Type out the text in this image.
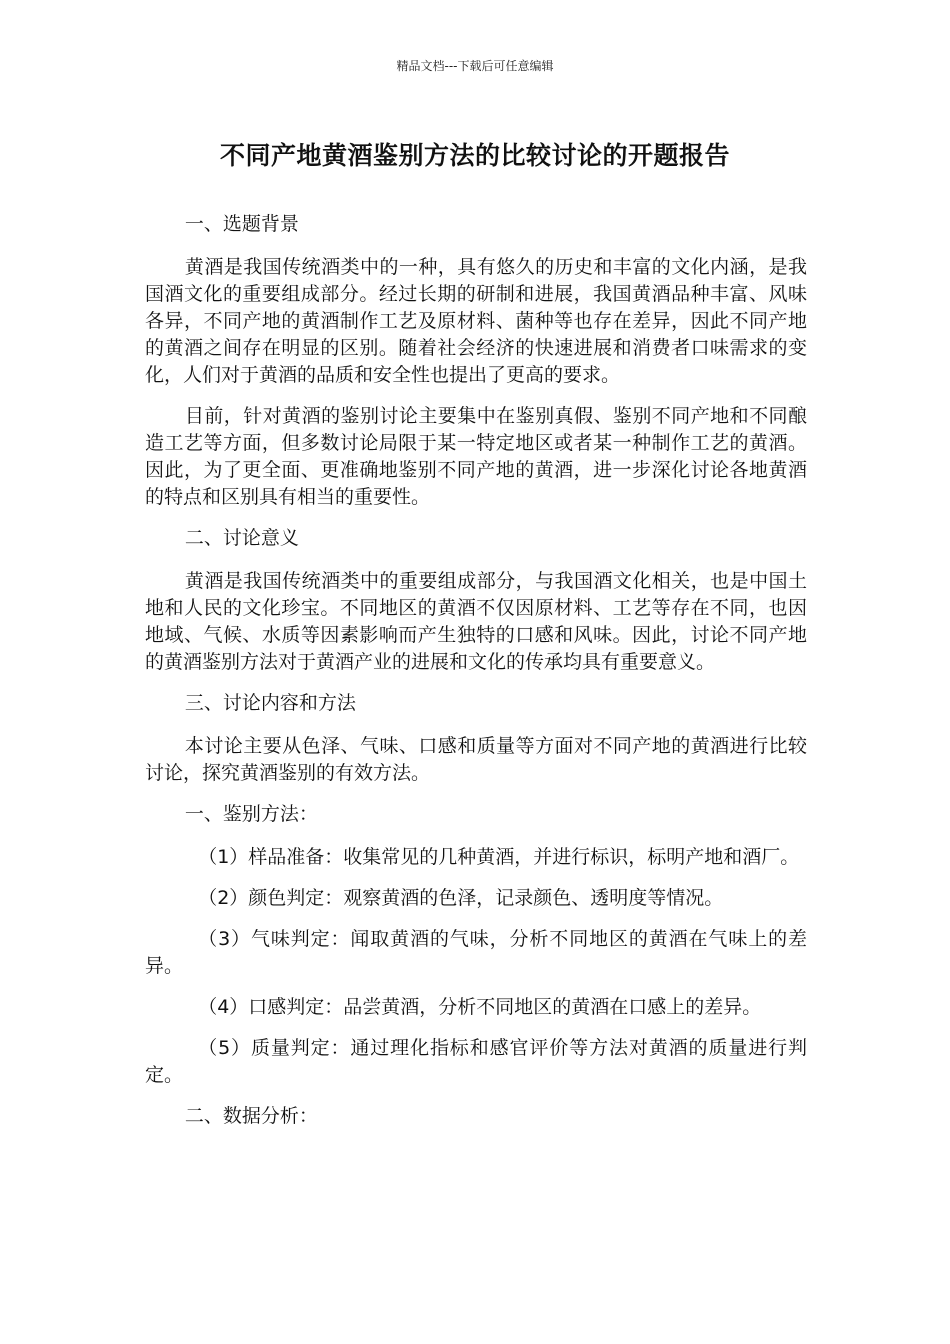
精品文档---下载后可任意编辑
不同产地黄酒鉴别方法的比较讨论的开题报告

一、选题背景

黄酒是我国传统酒类中的一种，具有悠久的历史和丰富的文化内涵，是我国酒文化的重要组成部分。经过长期的研制和进展，我国黄酒品种丰富、风味各异，不同产地的黄酒制作工艺及原材料、菌种等也存在差异，因此不同产地的黄酒之间存在明显的区别。随着社会经济的快速进展和消费者口味需求的变化，人们对于黄酒的品质和安全性也提出了更高的要求。

目前，针对黄酒的鉴别讨论主要集中在鉴别真假、鉴别不同产地和不同酿造工艺等方面，但多数讨论局限于某一特定地区或者某一种制作工艺的黄酒。因此，为了更全面、更准确地鉴别不同产地的黄酒，进一步深化讨论各地黄酒的特点和区别具有相当的重要性。

二、讨论意义

黄酒是我国传统酒类中的重要组成部分，与我国酒文化相关，也是中国土地和人民的文化珍宝。不同地区的黄酒不仅因原材料、工艺等存在不同，也因地域、气候、水质等因素影响而产生独特的口感和风味。因此，讨论不同产地的黄酒鉴别方法对于黄酒产业的进展和文化的传承均具有重要意义。

三、讨论内容和方法

本讨论主要从色泽、气味、口感和质量等方面对不同产地的黄酒进行比较讨论，探究黄酒鉴别的有效方法。

一、鉴别方法：

（1）样品准备：收集常见的几种黄酒，并进行标识，标明产地和酒厂。

（2）颜色判定：观察黄酒的色泽，记录颜色、透明度等情况。

（3）气味判定：闻取黄酒的气味，分析不同地区的黄酒在气味上的差异。

（4）口感判定：品尝黄酒，分析不同地区的黄酒在口感上的差异。

（5）质量判定：通过理化指标和感官评价等方法对黄酒的质量进行判定。

二、数据分析：
